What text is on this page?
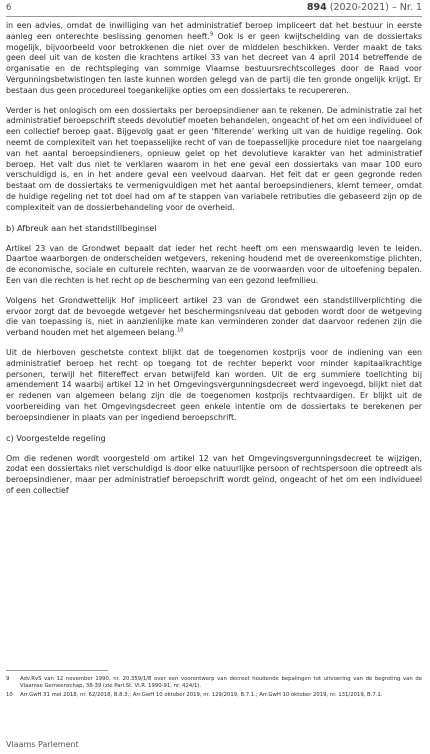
6	894 (2020-2021) – Nr. 1

in een advies, omdat de inwilliging van het administratief beroep impliceert dat het bestuur in eerste aanleg een onterechte beslissing genomen heeft.$^9$ Ook is er geen kwijtschelding van de dossiertaks mogelijk, bijvoorbeeld voor betrokkenen die niet over de middelen beschikken. Verder maakt de taks geen deel uit van de kosten die krachtens artikel 33 van het decreet van 4 april 2014 betreffende de organisatie en de rechtspleging van sommige Vlaamse bestuursrechtscolleges door de Raad voor Vergunningsbetwistingen ten laste kunnen worden gelegd van de partij die ten gronde ongelijk krijgt. Er bestaan dus geen procedureel toegankelijke opties om een dossiertaks te recupereren.

Verder is het onlogisch om een dossiertaks per beroepsindiener aan te rekenen. De administratie zal het administratief beroepschrift steeds devolutief moeten behandelen, ongeacht of het om een individueel of een collectief beroep gaat. Bijgevolg gaat er geen ‘filterende’ werking uit van de huidige regeling. Ook neemt de complexiteit van het toepasselijke recht of van de toepasselijke procedure niet toe naargelang van het aantal beroepsindieners, opnieuw gelet op het devolutieve karakter van het administratief beroep. Het valt dus niet te verklaren waarom in het ene geval een dossiertaks van maar 100 euro verschuldigd is, en in het andere geval een veelvoud daarvan. Het feit dat er geen gegronde reden bestaat om de dossiertaks te vermenigvuldigen met het aantal beroepsindieners, klemt temeer, omdat de huidige regeling net tot doel had om af te stappen van variabele retributies die gebaseerd zijn op de complexiteit van de dossierbehandeling voor de overheid.

b) Afbreuk aan het standstillbeginsel

Artikel 23 van de Grondwet bepaalt dat ieder het recht heeft om een menswaardig leven te leiden. Daartoe waarborgen de onderscheiden wetgevers, rekening houdend met de overeenkomstige plichten, de economische, sociale en culturele rechten, waarvan ze de voorwaarden voor de uitoefening bepalen. Een van die rechten is het recht op de bescherming van een gezond leefmilieu.

Volgens het Grondwettelijk Hof impliceert artikel 23 van de Grondwet een standstillverplichting die ervoor zorgt dat de bevoegde wetgever het beschermingsniveau dat geboden wordt door de wetgeving die van toepassing is, niet in aanzienlijke mate kan verminderen zonder dat daarvoor redenen zijn die verband houden met het algemeen belang.$^{10}$

Uit de hierboven geschetste context blijkt dat de toegenomen kostprijs voor de indiening van een administratief beroep het recht op toegang tot de rechter beperkt voor minder kapitaalkrachtige personen, terwijl het filtereffect ervan betwijfeld kan worden. Uit de erg summiere toelichting bij amendement 14 waarbij artikel 12 in het Omgevingsvergunningsdecreet werd ingevoegd, blijkt niet dat er redenen van algemeen belang zijn die de toegenomen kostprijs rechtvaardigen. Er blijkt uit de voorbereiding van het Omgevingsdecreet geen enkele intentie om de dossiertaks te berekenen per beroepsindiener in plaats van per ingediend beroepschrift.

c) Voorgestelde regeling

Om die redenen wordt voorgesteld om artikel 12 van het Omgevingsvergunningsdecreet te wijzigen, zodat een dossiertaks niet verschuldigd is door elke natuurlijke persoon of rechtspersoon die optreedt als beroepsindiener, maar per administratief beroepschrift wordt geïnd, ongeacht of het om een individueel of een collectief

9 Adv.RvS van 12 november 1990, nr. 20.359/1/8 over een voorontwerp van decreet houdende bepalingen tot uitvoering van de begroting van de Vlaamse Gemeenschap, 38-39 (zie Parl.St. Vl.R. 1990-91, nr. 424/1).
10 Arr.GwH 31 mei 2018, nr. 62/2018, B.8.3.; Arr.GwH 10 oktober 2019, nr. 129/2019, B.7.1.; Arr.GwH 10 oktober 2019, nr. 131/2019, B.7.1.
Vlaams Parlement
